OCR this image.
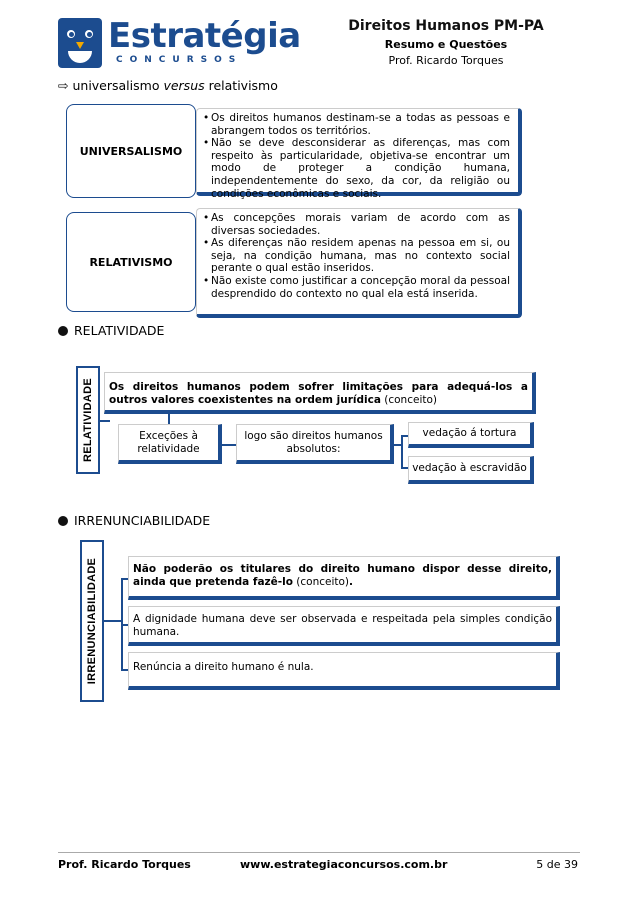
Estratégia
CONCURSOS
Direitos Humanos PM-PA
Resumo e Questões
Prof. Ricardo Torques
⇨ universalismo versus relativismo
UNIVERSALISMO
• Os direitos humanos destinam-se a todas as pessoas e abrangem todos os territórios.
• Não se deve desconsiderar as diferenças, mas com respeito às particularidade, objetiva-se encontrar um modo de proteger a condição humana, independentemente do sexo, da cor, da religião ou condições econômicas e sociais.
RELATIVISMO
• As concepções morais variam de acordo com as diversas sociedades.
• As diferenças não residem apenas na pessoa em si, ou seja, na condição humana, mas no contexto social perante o qual estão inseridos.
• Não existe como justificar a concepção moral da pessoal desprendido do contexto no qual ela está inserida.
RELATIVIDADE
RELATIVIDADE	Os direitos humanos podem sofrer limitações para adequá-los a outros valores coexistentes na ordem jurídica (conceito)
Exceções à relatividade
logo são direitos humanos absolutos:
vedação á tortura
vedação à escravidão
IRRENUNCIABILIDADE
IRRENUNCIABILIDADE	Não poderão os titulares do direito humano dispor desse direito, ainda que pretenda fazê-lo (conceito).
A dignidade humana deve ser observada e respeitada pela simples condição humana.
Renúncia a direito humano é nula.
Prof. Ricardo Torques	www.estrategiaconcursos.com.br	5 de 39
